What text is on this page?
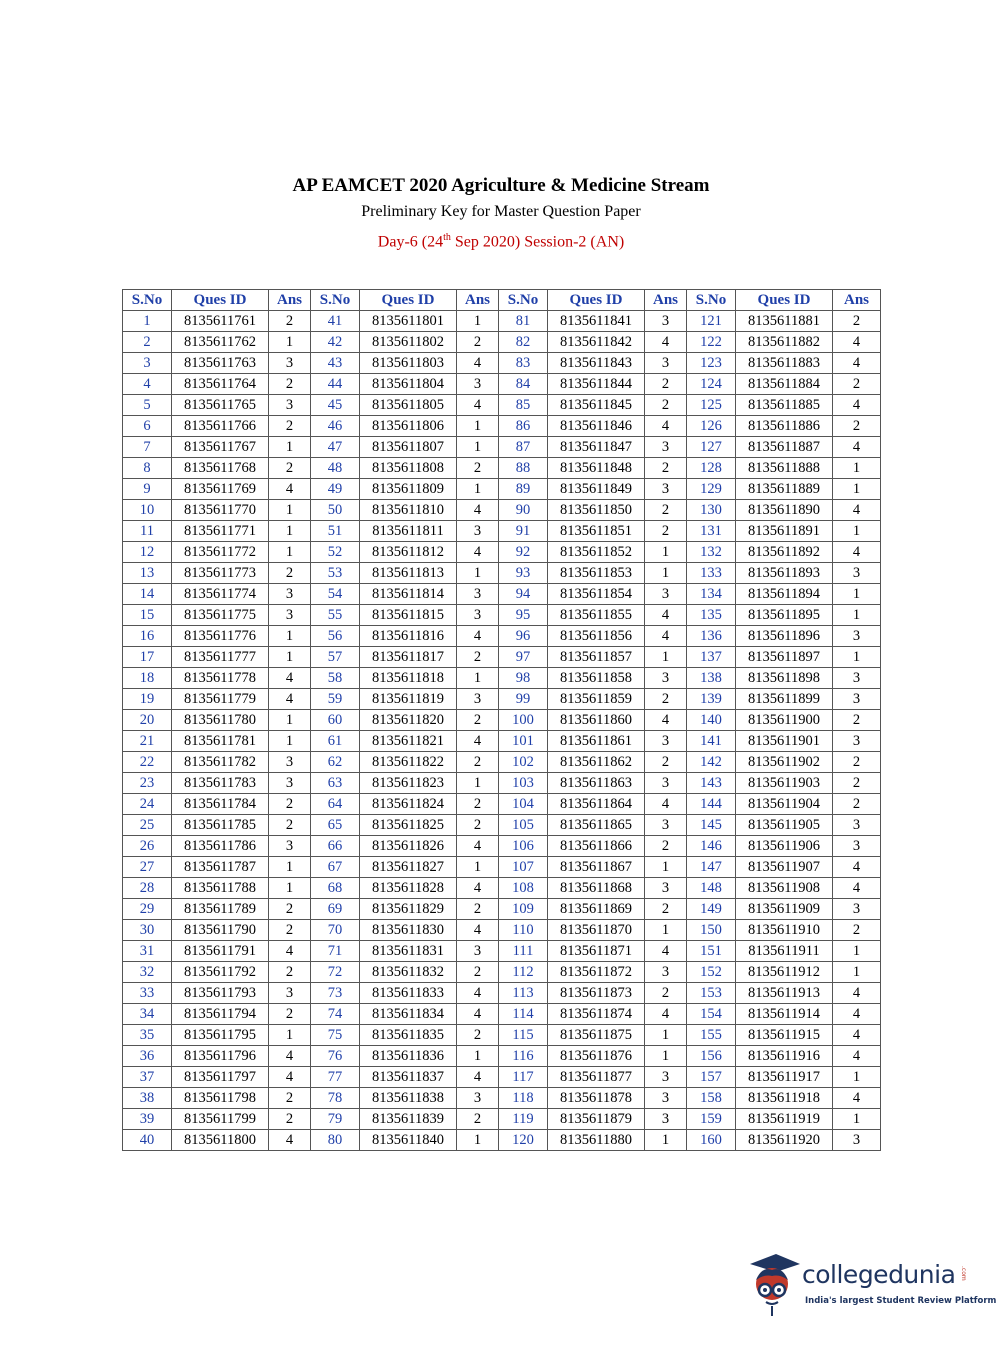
AP EAMCET 2020 Agriculture & Medicine Stream
Preliminary Key for Master Question Paper
Day-6 (24th Sep 2020) Session-2 (AN)
S.No	Ques ID	Ans	S.No	Ques ID	Ans	S.No	Ques ID	Ans	S.No	Ques ID	Ans
1	8135611761	2	41	8135611801	1	81	8135611841	3	121	8135611881	2
2	8135611762	1	42	8135611802	2	82	8135611842	4	122	8135611882	4
3	8135611763	3	43	8135611803	4	83	8135611843	3	123	8135611883	4
4	8135611764	2	44	8135611804	3	84	8135611844	2	124	8135611884	2
5	8135611765	3	45	8135611805	4	85	8135611845	2	125	8135611885	4
6	8135611766	2	46	8135611806	1	86	8135611846	4	126	8135611886	2
7	8135611767	1	47	8135611807	1	87	8135611847	3	127	8135611887	4
8	8135611768	2	48	8135611808	2	88	8135611848	2	128	8135611888	1
9	8135611769	4	49	8135611809	1	89	8135611849	3	129	8135611889	1
10	8135611770	1	50	8135611810	4	90	8135611850	2	130	8135611890	4
11	8135611771	1	51	8135611811	3	91	8135611851	2	131	8135611891	1
12	8135611772	1	52	8135611812	4	92	8135611852	1	132	8135611892	4
13	8135611773	2	53	8135611813	1	93	8135611853	1	133	8135611893	3
14	8135611774	3	54	8135611814	3	94	8135611854	3	134	8135611894	1
15	8135611775	3	55	8135611815	3	95	8135611855	4	135	8135611895	1
16	8135611776	1	56	8135611816	4	96	8135611856	4	136	8135611896	3
17	8135611777	1	57	8135611817	2	97	8135611857	1	137	8135611897	1
18	8135611778	4	58	8135611818	1	98	8135611858	3	138	8135611898	3
19	8135611779	4	59	8135611819	3	99	8135611859	2	139	8135611899	3
20	8135611780	1	60	8135611820	2	100	8135611860	4	140	8135611900	2
21	8135611781	1	61	8135611821	4	101	8135611861	3	141	8135611901	3
22	8135611782	3	62	8135611822	2	102	8135611862	2	142	8135611902	2
23	8135611783	3	63	8135611823	1	103	8135611863	3	143	8135611903	2
24	8135611784	2	64	8135611824	2	104	8135611864	4	144	8135611904	2
25	8135611785	2	65	8135611825	2	105	8135611865	3	145	8135611905	3
26	8135611786	3	66	8135611826	4	106	8135611866	2	146	8135611906	3
27	8135611787	1	67	8135611827	1	107	8135611867	1	147	8135611907	4
28	8135611788	1	68	8135611828	4	108	8135611868	3	148	8135611908	4
29	8135611789	2	69	8135611829	2	109	8135611869	2	149	8135611909	3
30	8135611790	2	70	8135611830	4	110	8135611870	1	150	8135611910	2
31	8135611791	4	71	8135611831	3	111	8135611871	4	151	8135611911	1
32	8135611792	2	72	8135611832	2	112	8135611872	3	152	8135611912	1
33	8135611793	3	73	8135611833	4	113	8135611873	2	153	8135611913	4
34	8135611794	2	74	8135611834	4	114	8135611874	4	154	8135611914	4
35	8135611795	1	75	8135611835	2	115	8135611875	1	155	8135611915	4
36	8135611796	4	76	8135611836	1	116	8135611876	1	156	8135611916	4
37	8135611797	4	77	8135611837	4	117	8135611877	3	157	8135611917	1
38	8135611798	2	78	8135611838	3	118	8135611878	3	158	8135611918	4
39	8135611799	2	79	8135611839	2	119	8135611879	3	159	8135611919	1
40	8135611800	4	80	8135611840	1	120	8135611880	1	160	8135611920	3
collegedunia .com
India's largest Student Review Platform
